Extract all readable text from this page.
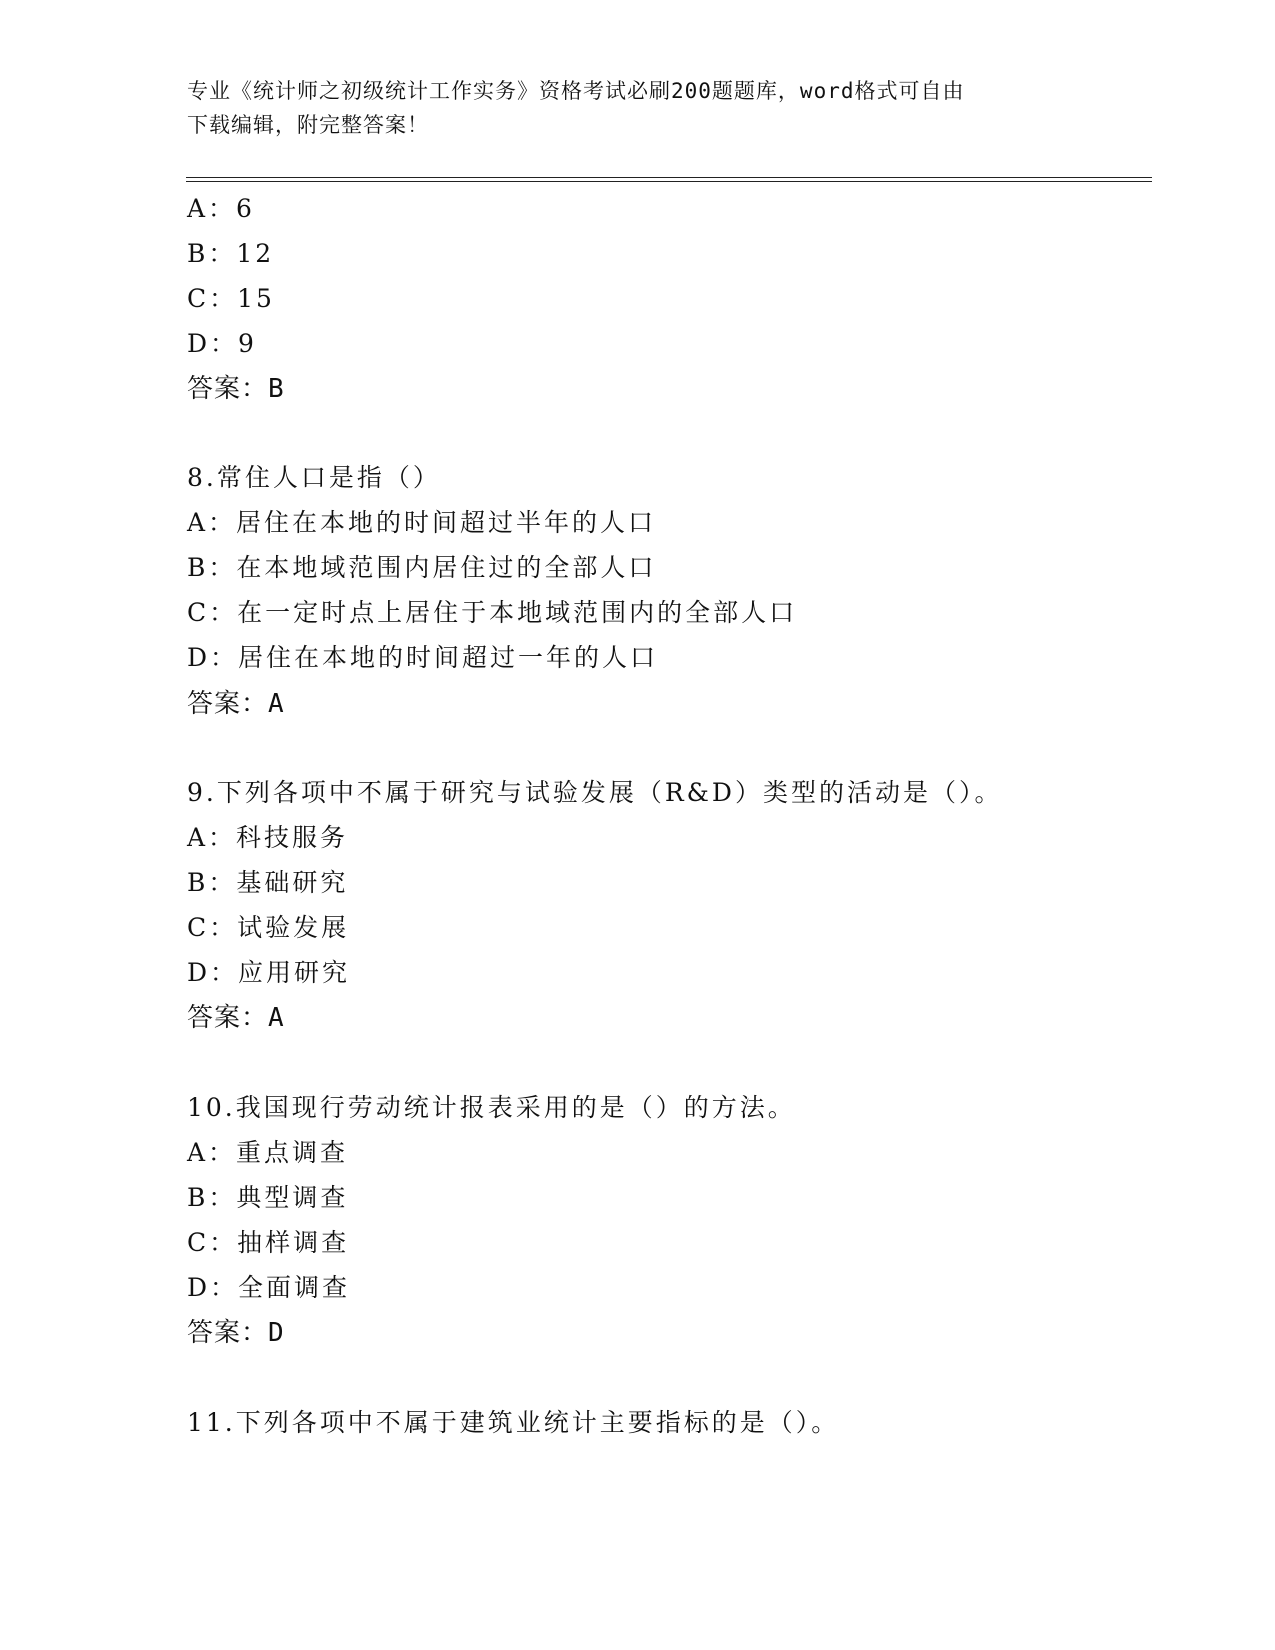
专业《统计师之初级统计工作实务》资格考试必刷200题题库，word格式可自由
下载编辑，附完整答案！
A：6
B：12
C：15
D：9
答案：B
8.常住人口是指（）
A：居住在本地的时间超过半年的人口
B：在本地域范围内居住过的全部人口
C：在一定时点上居住于本地域范围内的全部人口
D：居住在本地的时间超过一年的人口
答案：A
9.下列各项中不属于研究与试验发展（R&D）类型的活动是（）。
A：科技服务
B：基础研究
C：试验发展
D：应用研究
答案：A
10.我国现行劳动统计报表采用的是（）的方法。
A：重点调查
B：典型调查
C：抽样调查
D：全面调查
答案：D
11.下列各项中不属于建筑业统计主要指标的是（）。
